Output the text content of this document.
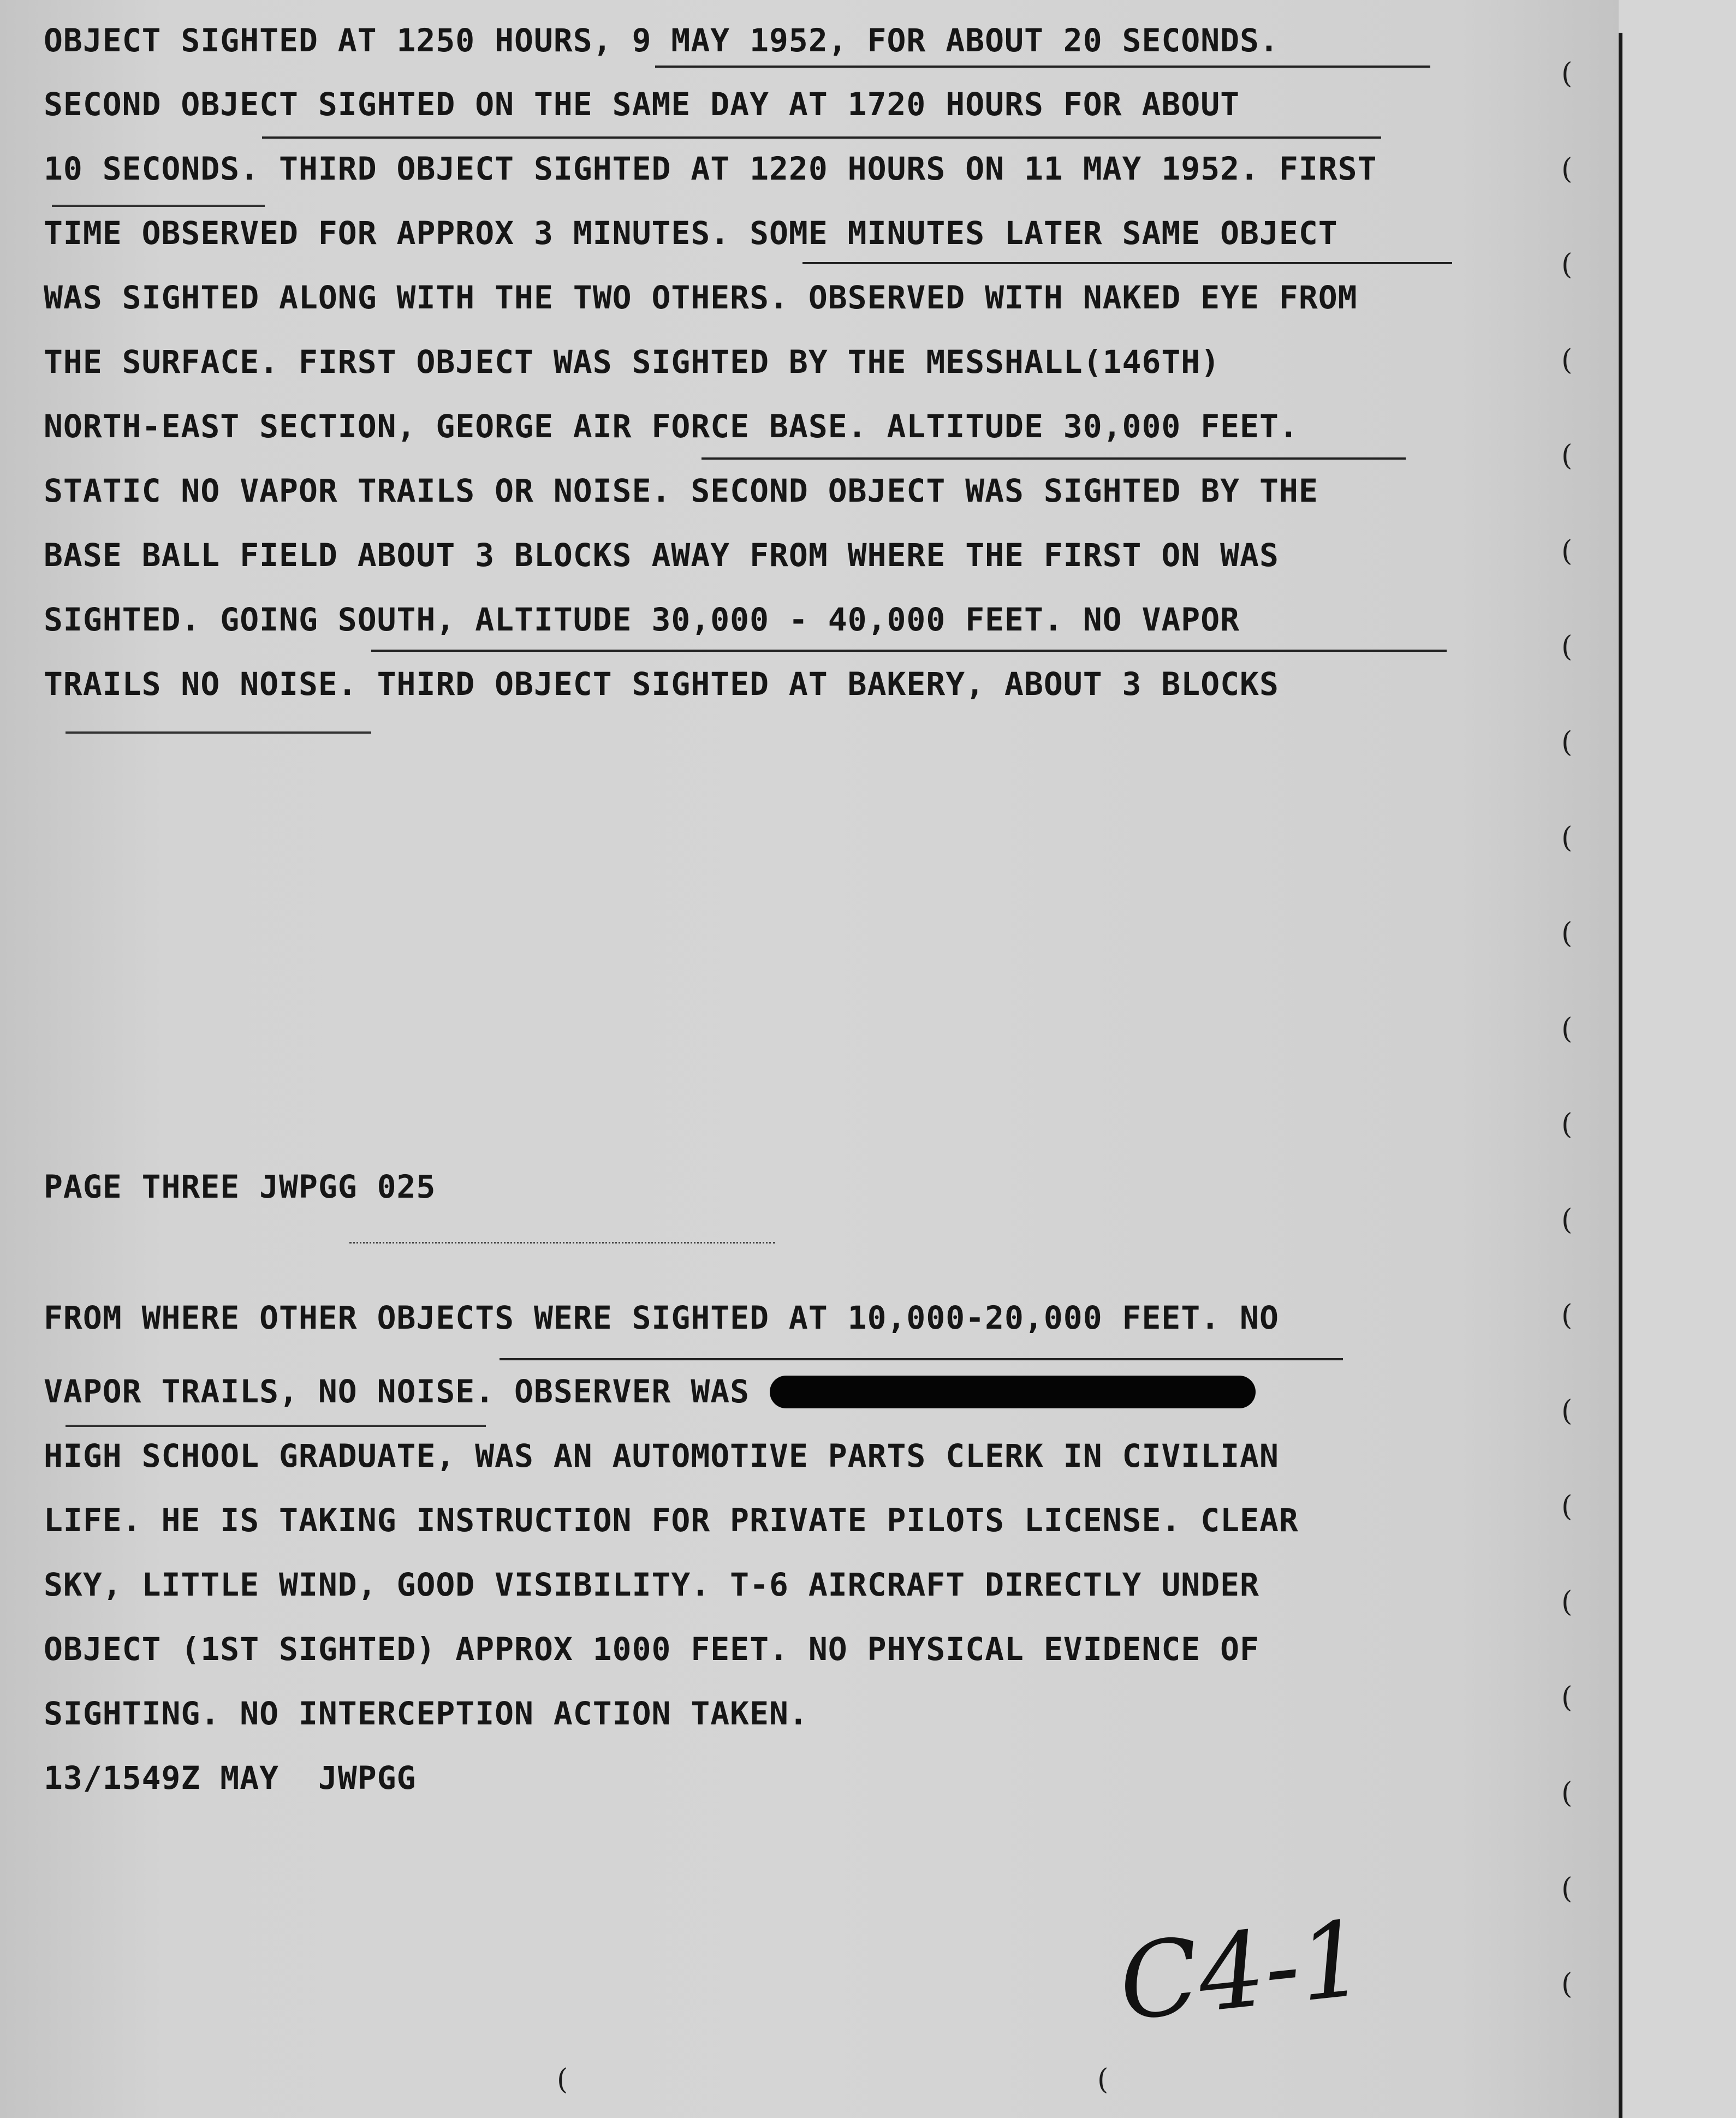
OBJECT SIGHTED AT 1250 HOURS, 9 MAY 1952, FOR ABOUT 20 SECONDS.

SECOND OBJECT SIGHTED ON THE SAME DAY AT 1720 HOURS FOR ABOUT

10 SECONDS. THIRD OBJECT SIGHTED AT 1220 HOURS ON 11 MAY 1952. FIRST

TIME OBSERVED FOR APPROX 3 MINUTES. SOME MINUTES LATER SAME OBJECT

WAS SIGHTED ALONG WITH THE TWO OTHERS. OBSERVED WITH NAKED EYE FROM

THE SURFACE. FIRST OBJECT WAS SIGHTED BY THE MESSHALL(146TH)

NORTH-EAST SECTION, GEORGE AIR FORCE BASE. ALTITUDE 30,000 FEET.

STATIC NO VAPOR TRAILS OR NOISE. SECOND OBJECT WAS SIGHTED BY THE

BASE BALL FIELD ABOUT 3 BLOCKS AWAY FROM WHERE THE FIRST ON WAS

SIGHTED. GOING SOUTH, ALTITUDE 30,000 - 40,000 FEET. NO VAPOR

TRAILS NO NOISE. THIRD OBJECT SIGHTED AT BAKERY, ABOUT 3 BLOCKS

PAGE THREE JWPGG 025

FROM WHERE OTHER OBJECTS WERE SIGHTED AT 10,000-20,000 FEET. NO

VAPOR TRAILS, NO NOISE. OBSERVER WAS

HIGH SCHOOL GRADUATE, WAS AN AUTOMOTIVE PARTS CLERK IN CIVILIAN

LIFE. HE IS TAKING INSTRUCTION FOR PRIVATE PILOTS LICENSE. CLEAR

SKY, LITTLE WIND, GOOD VISIBILITY. T-6 AIRCRAFT DIRECTLY UNDER

OBJECT (1ST SIGHTED) APPROX 1000 FEET. NO PHYSICAL EVIDENCE OF

SIGHTING. NO INTERCEPTION ACTION TAKEN.

13/1549Z MAY  JWPGG

(
(
(
(
(
(
(
(
(
(
(
(
(
(
(
(
(
(
(
(
(
(	(
C4-1
